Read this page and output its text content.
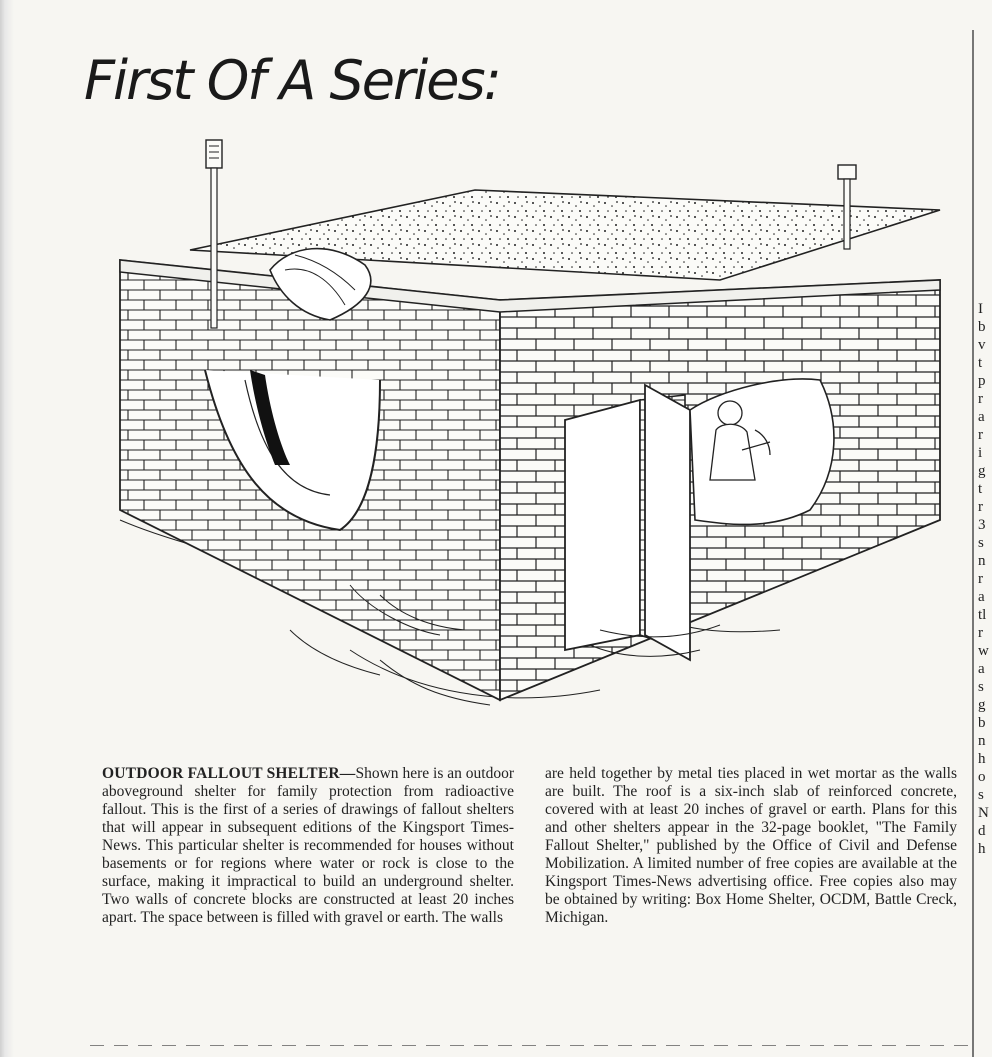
First Of A Series:
OUTDOOR FALLOUT SHELTER—Shown here is an outdoor aboveground shelter for family protection from radioactive fallout. This is the first of a series of drawings of fallout shelters that will appear in subsequent editions of the Kingsport Times-News. This particular shelter is recommended for houses without basements or for regions where water or rock is close to the surface, making it impractical to build an underground shelter. Two walls of concrete blocks are constructed at least 20 inches apart. The space between is filled with gravel or earth. The walls
are held together by metal ties placed in wet mortar as the walls are built. The roof is a six-inch slab of reinforced concrete, covered with at least 20 inches of gravel or earth. Plans for this and other shelters appear in the 32-page booklet, "The Family Fallout Shelter," published by the Office of Civil and Defense Mobilization. A limited number of free copies are available at the Kingsport Times-News advertising office. Free copies also may be obtained by writing: Box Home Shelter, OCDM, Battle Creck, Michigan.
I
b
v
t
p
r
a
r
i
g
t
r
3
s
n
r
a
tl
r
w
a
s
g
b
n
h
o
s
N
d
h
